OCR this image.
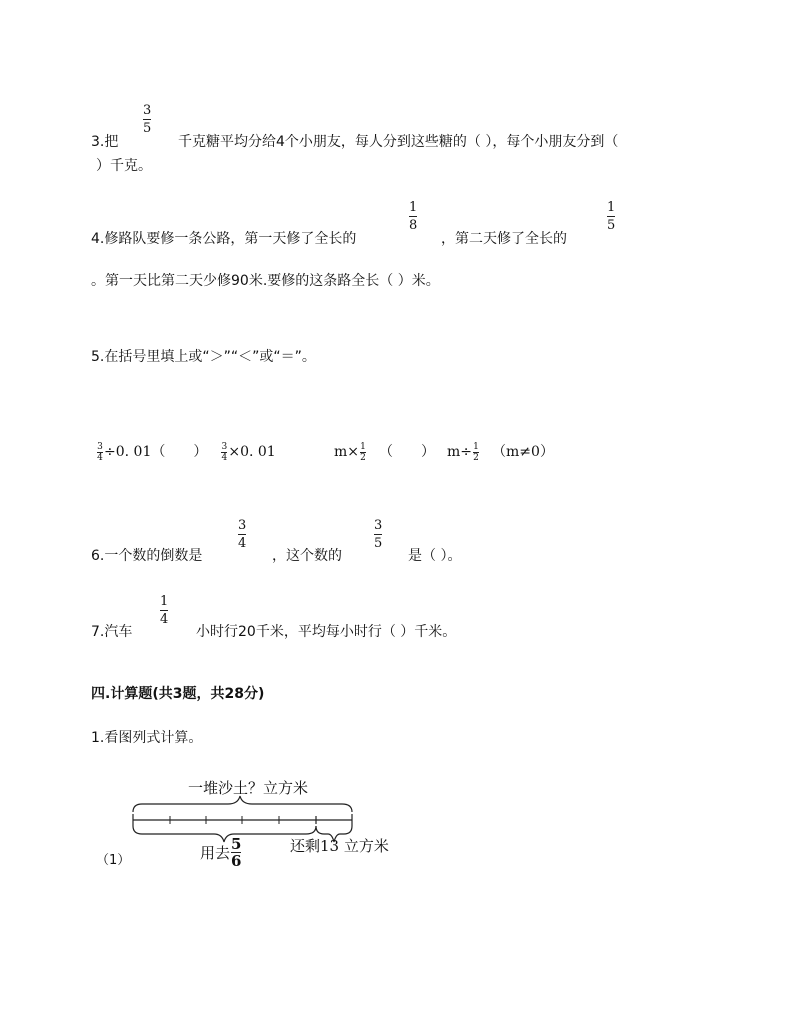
3
5
3.把	千克糖平均分给4个小朋友，每人分到这些糖的（ ），每个小朋友分到（
）千克。
1
8
1
5
4.修路队要修一条公路，第一天修了全长的	，第二天修了全长的
。第一天比第二天少修90米.要修的这条路全长（ ）米。
5.在括号里填上或“＞”“＜”或“＝”。
$\frac{3}{4} \div 0$. 01（　　） $\frac{3}{4} \times 0$. 01	$m\times \frac{1}{2}$ （　　） $m\div \frac{1}{2} (m\ne 0)$
3
4
3
5
6.一个数的倒数是	，这个数的	是（ ）。
1
4
7.汽车	小时行20千米，平均每小时行（ ）千米。
四.计算题(共3题，共28分)
1.看图列式计算。
一堆沙土？立方米
（1）	用去 $\frac{5}{6}$	还剩13 立方米
